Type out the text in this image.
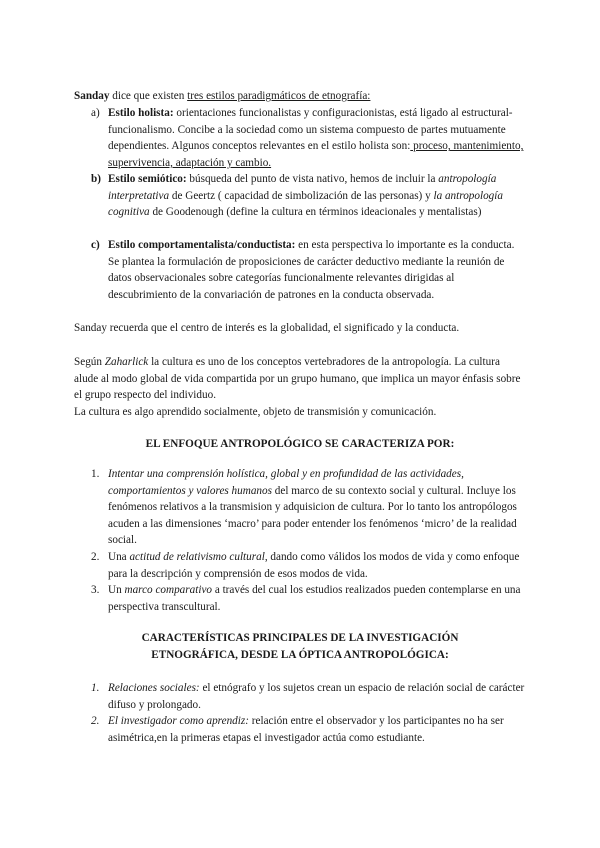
Sanday dice que existen tres estilos paradigmáticos de etnografía:

a) Estilo holista: orientaciones funcionalistas y configuracionistas, está ligado al estructural-funcionalismo. Concibe a la sociedad como un sistema compuesto de partes mutuamente dependientes. Algunos conceptos relevantes en el estilo holista son: proceso, mantenimiento, supervivencia, adaptación y cambio.

b) Estilo semiótico: búsqueda del punto de vista nativo, hemos de incluir la antropología interpretativa de Geertz ( capacidad de simbolización de las personas) y la antropología cognitiva de Goodenough (define la cultura en términos ideacionales y mentalistas)

c) Estilo comportamentalista/conductista: en esta perspectiva lo importante es la conducta. Se plantea la formulación de proposiciones de carácter deductivo mediante la reunión de datos observacionales sobre categorías funcionalmente relevantes dirigidas al descubrimiento de la convariación de patrones en la conducta observada.

Sanday recuerda que el centro de interés es la globalidad, el significado y la conducta.

Según Zaharlick la cultura es uno de los conceptos vertebradores de la antropología. La cultura alude al modo global de vida compartida por un grupo humano, que implica un mayor énfasis sobre el grupo respecto del individuo.

La cultura es algo aprendido socialmente, objeto de transmisión y comunicación.

EL ENFOQUE ANTROPOLÓGICO SE CARACTERIZA POR:

1. Intentar una comprensión holística, global y en profundidad de las actividades, comportamientos y valores humanos del marco de su contexto social y cultural. Incluye los fenómenos relativos a la transmision y adquisicion de cultura. Por lo tanto los antropólogos acuden a las dimensiones ‘macro’ para poder entender los fenómenos ‘micro’ de la realidad social.

2. Una actitud de relativismo cultural, dando como válidos los modos de vida y como enfoque para la descripción y comprensión de esos modos de vida.

3. Un marco comparativo a través del cual los estudios realizados pueden contemplarse en una perspectiva transcultural.

CARACTERÍSTICAS PRINCIPALES DE LA INVESTIGACIÓN ETNOGRÁFICA, DESDE LA ÓPTICA ANTROPOLÓGICA:

1. Relaciones sociales: el etnógrafo y los sujetos crean un espacio de relación social de carácter difuso y prolongado.

2. El investigador como aprendiz: relación entre el observador y los participantes no ha ser asimétrica,en la primeras etapas el investigador actúa como estudiante.
